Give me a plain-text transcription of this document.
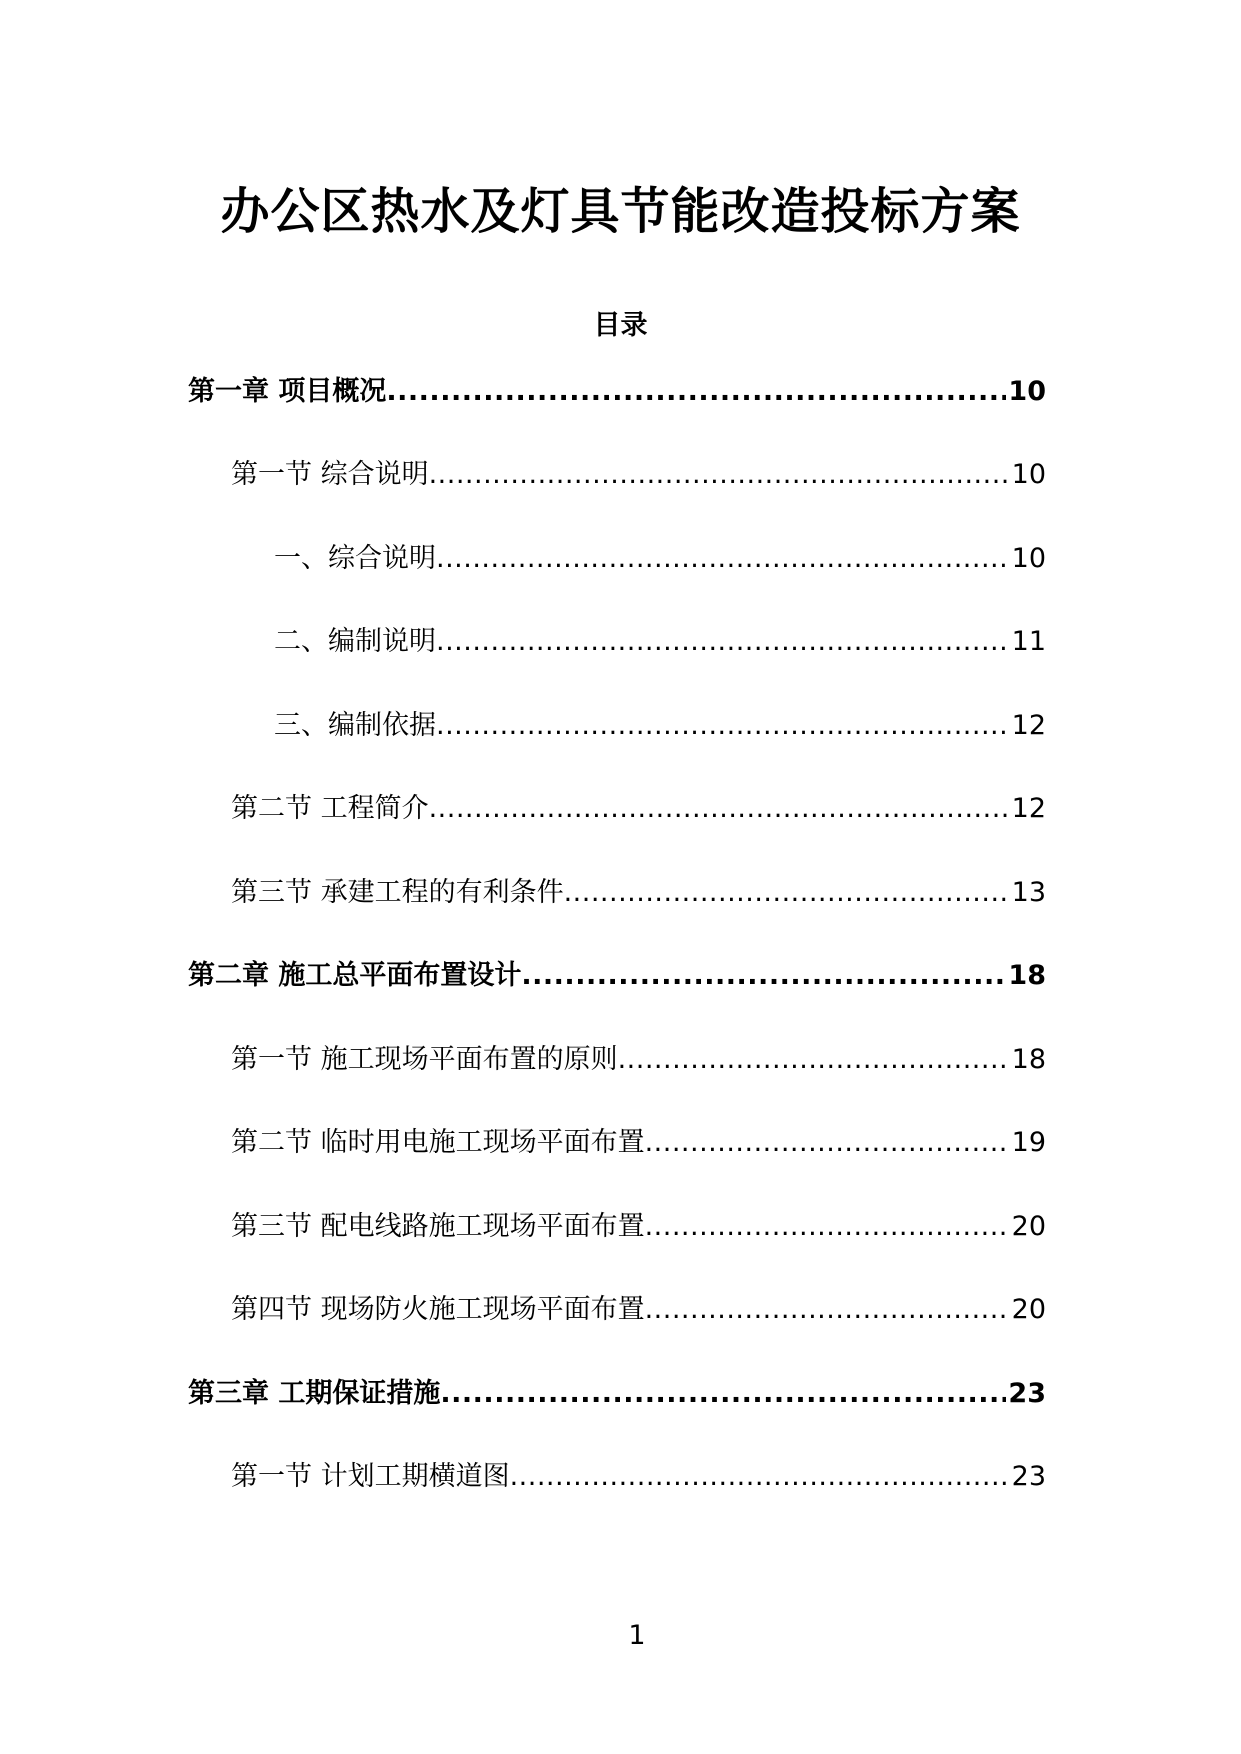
办公区热水及灯具节能改造投标方案
目录
第一章 项目概况 .....	10
第一节 综合说明 .....	10
一、综合说明 .....	10
二、编制说明 .....	11
三、编制依据 .....	12
第二节 工程简介 .....	12
第三节 承建工程的有利条件 .....	13
第二章 施工总平面布置设计 .....	18
第一节 施工现场平面布置的原则 .....	18
第二节 临时用电施工现场平面布置 .....	19
第三节 配电线路施工现场平面布置 .....	20
第四节 现场防火施工现场平面布置 .....	20
第三章 工期保证措施 .....	23
第一节 计划工期横道图 .....	23
1
